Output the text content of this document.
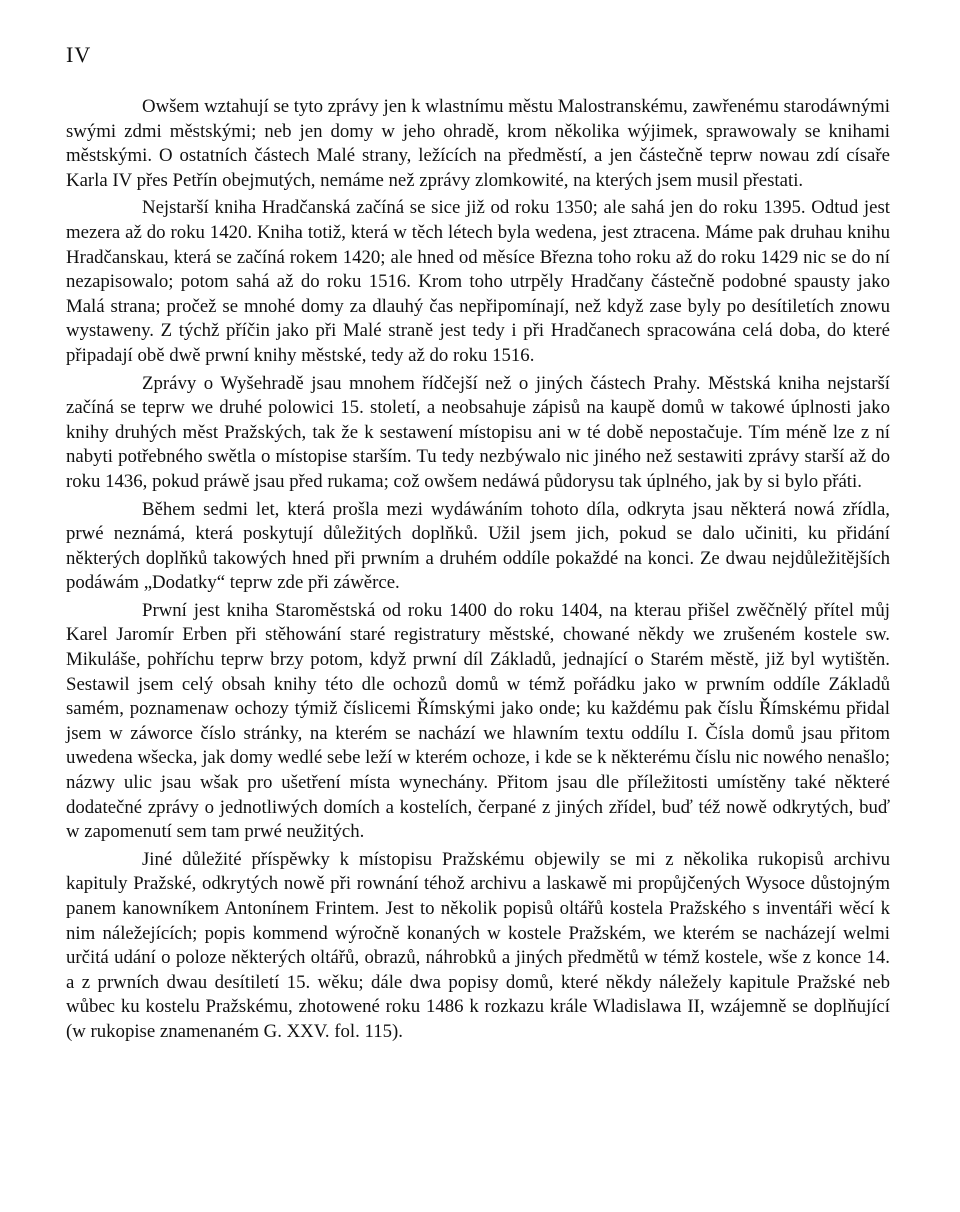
IV

Owšem wztahují se tyto zprávy jen k wlastnímu městu Malostranskému, zawřenému starodáwnými swými zdmi městskými; neb jen domy w jeho ohradě, krom několika wýjimek, sprawowaly se knihami městskými. O ostatních částech Malé strany, ležících na předměstí, a jen částečně teprw nowau zdí císaře Karla IV přes Petřín obejmutých, nemáme než zprávy zlomkowité, na kterých jsem musil přestati.

Nejstarší kniha Hradčanská začíná se sice již od roku 1350; ale sahá jen do roku 1395. Odtud jest mezera až do roku 1420. Kniha totiž, která w těch létech byla wedena, jest ztracena. Máme pak druhau knihu Hradčanskau, která se začíná rokem 1420; ale hned od měsíce Března toho roku až do roku 1429 nic se do ní nezapisowalo; potom sahá až do roku 1516. Krom toho utrpěly Hradčany částečně podobné spausty jako Malá strana; pročež se mnohé domy za dlauhý čas nepřipomínají, než když zase byly po desítiletích znowu wystaweny. Z týchž příčin jako při Malé straně jest tedy i při Hradčanech spracowána celá doba, do které připadají obě dwě prwní knihy městské, tedy až do roku 1516.

Zprávy o Wyšehradě jsau mnohem řídčejší než o jiných částech Prahy. Městská kniha nejstarší začíná se teprw we druhé polowici 15. století, a neobsahuje zápisů na kaupě domů w takowé úplnosti jako knihy druhých měst Pražských, tak že k sestawení místopisu ani w té době nepostačuje. Tím méně lze z ní nabyti potřebného swětla o místopise starším. Tu tedy nezbýwalo nic jiného než sestawiti zprávy starší až do roku 1436, pokud práwě jsau před rukama; což owšem nedáwá půdorysu tak úplného, jak by si bylo přáti.

Během sedmi let, která prošla mezi wydáwáním tohoto díla, odkryta jsau některá nowá zřídla, prwé neznámá, která poskytují důležitých doplňků. Užil jsem jich, pokud se dalo učiniti, ku přidání některých doplňků takowých hned při prwním a druhém oddíle pokaždé na konci. Ze dwau nejdůležitějších podáwám „Dodatky“ teprw zde při záwěrce.

Prwní jest kniha Staroměstská od roku 1400 do roku 1404, na kterau přišel zwěčnělý přítel můj Karel Jaromír Erben při stěhowání staré registratury městské, chowané někdy we zrušeném kostele sw. Mikuláše, pohříchu teprw brzy potom, když prwní díl Základů, jednající o Starém městě, již byl wytištěn. Sestawil jsem celý obsah knihy této dle ochozů domů w témž pořádku jako w prwním oddíle Základů samém, poznamenaw ochozy týmiž číslicemi Římskými jako onde; ku každému pak číslu Římskému přidal jsem w záworce číslo stránky, na kterém se nachází we hlawním textu oddílu I. Čísla domů jsau přitom uwedena wšecka, jak domy wedlé sebe leží w kterém ochoze, i kde se k některému číslu nic nowého nenašlo; názwy ulic jsau wšak pro ušetření místa wynechány. Přitom jsau dle příležitosti umístěny také některé dodatečné zprávy o jednotliwých domích a kostelích, čerpané z jiných zřídel, buď též nowě odkrytých, buď w zapomenutí sem tam prwé neužitých.

Jiné důležité příspěwky k místopisu Pražskému objewily se mi z několika rukopisů archivu kapituly Pražské, odkrytých nowě při rownání téhož archivu a laskawě mi propůjčených Wysoce důstojným panem kanowníkem Antonínem Frintem. Jest to několik popisů oltářů kostela Pražského s inventáři wěcí k nim náležejících; popis kommend wýročně konaných w kostele Pražském, we kterém se nacházejí welmi určitá udání o poloze některých oltářů, obrazů, náhrobků a jiných předmětů w témž kostele, wše z konce 14. a z prwních dwau desítiletí 15. wěku; dále dwa popisy domů, které někdy náležely kapitule Pražské neb wůbec ku kostelu Pražskému, zhotowené roku 1486 k rozkazu krále Wladislawa II, wzájemně se doplňující (w rukopise znamenaném G. XXV. fol. 115).
